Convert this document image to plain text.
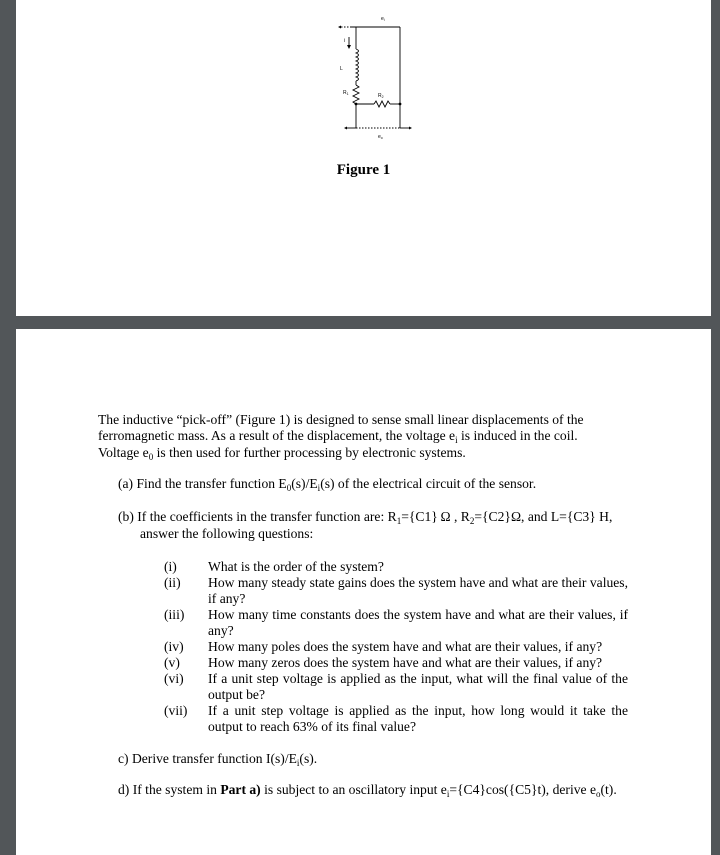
$e_i$
i
L
$R_1$	$R_2$
$e_o$
Figure 1

The inductive “pick-off” (Figure 1) is designed to sense small linear displacements of the
ferromagnetic mass. As a result of the displacement, the voltage $e_i$ is induced in the coil.
Voltage $e_0$ is then used for further processing by electronic systems.

(a) Find the transfer function $E_0(s)/E_i(s)$ of the electrical circuit of the sensor.
(b) If the coefficients in the transfer function are: $R_1=\{C1\}$ Ω , $R_2=\{C2\}\Omega$, and L={C3} H, answer the following questions:
(i)	What is the order of the system?
(ii)	How many steady state gains does the system have and what are their values, if any?
(iii)	How many time constants does the system have and what are their values, if any?
(iv)	How many poles does the system have and what are their values, if any?
(v)	How many zeros does the system have and what are their values, if any?
(vi)	If a unit step voltage is applied as the input, what will the final value of the output be?
(vii)	If a unit step voltage is applied as the input, how long would it take the output to reach 63% of its final value?
c) Derive transfer function $I(s)/E_i(s)$.
d) If the system in Part a) is subject to an oscillatory input $e_i=\{C4\}\cos(\{C5\}t)$, derive $e_o(t)$.
